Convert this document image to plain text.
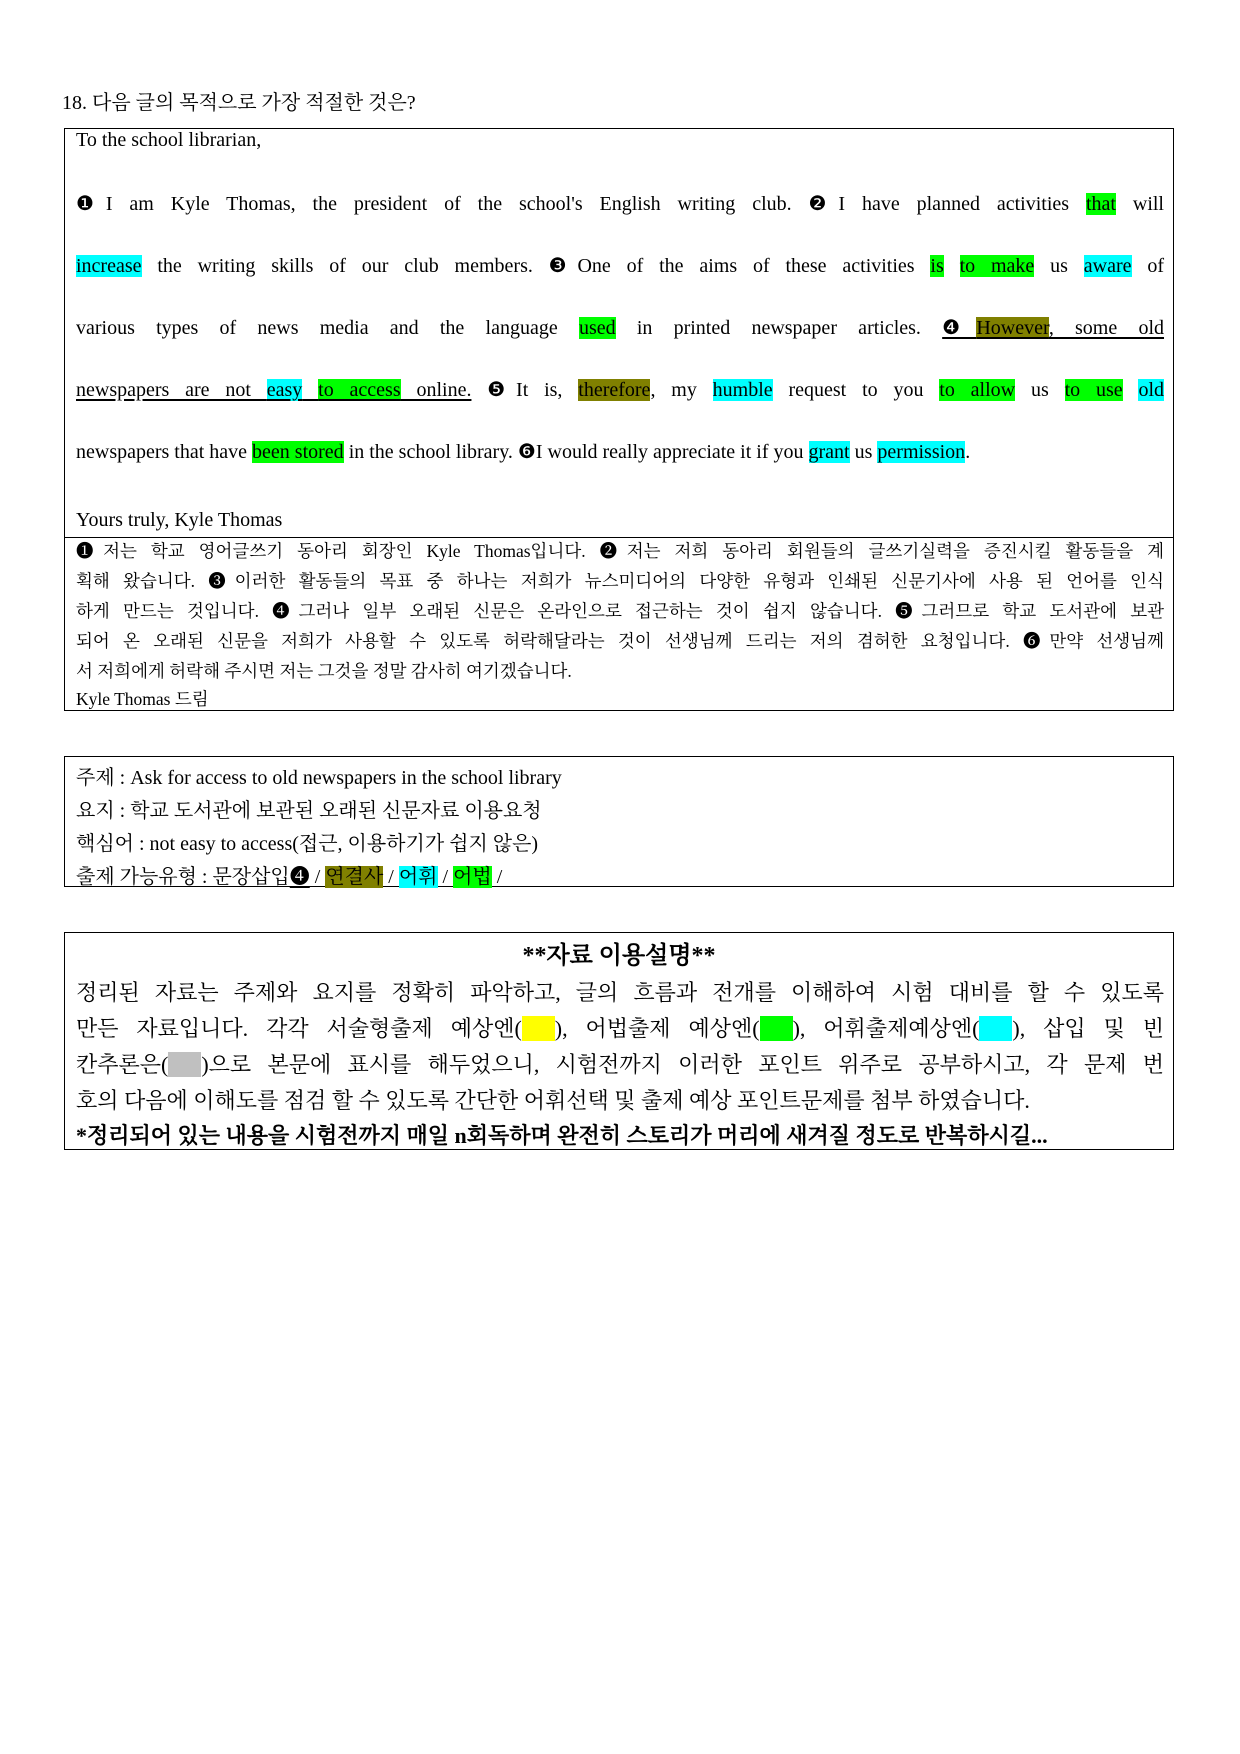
18. 다음 글의 목적으로 가장 적절한 것은?
To the school librarian,
❶I am Kyle Thomas, the president of the school's English writing club. ❷I have planned activities that will
increase the writing skills of our club members. ❸One of the aims of these activities is to make us aware of
various types of news media and the language used in printed newspaper articles. ❹However, some old
newspapers are not easy to access online. ❺It is, therefore, my humble request to you to allow us to use old
newspapers that have been stored in the school library. ❻I would really appreciate it if you grant us permission.
Yours truly, Kyle Thomas
❶저는 학교 영어글쓰기 동아리 회장인 Kyle Thomas입니다. ❷저는 저희 동아리 회원들의 글쓰기실력을 증진시킬 활동들을 계
획해 왔습니다. ❸이러한 활동들의 목표 중 하나는 저희가 뉴스미디어의 다양한 유형과 인쇄된 신문기사에 사용 된 언어를 인식
하게 만드는 것입니다. ❹그러나 일부 오래된 신문은 온라인으로 접근하는 것이 쉽지 않습니다. ❺그러므로 학교 도서관에 보관
되어 온 오래된 신문을 저희가 사용할 수 있도록 허락해달라는 것이 선생님께 드리는 저의 겸허한 요청입니다. ❻만약 선생님께
서 저희에게 허락해 주시면 저는 그것을 정말 감사히 여기겠습니다.
Kyle Thomas 드림
주제 : Ask for access to old newspapers in the school library
요지 : 학교 도서관에 보관된 오래된 신문자료 이용요청
핵심어 : not easy to access(접근, 이용하기가 쉽지 않은)
출제 가능유형 : 문장삽입❹ / 연결사 / 어휘 / 어법 /
**자료 이용설명**
정리된 자료는 주제와 요지를 정확히 파악하고, 글의 흐름과 전개를 이해하여 시험 대비를 할 수 있도록
만든 자료입니다. 각각 서술형출제 예상엔(   ), 어법출제 예상엔(   ), 어휘출제예상엔(   ), 삽입 및 빈
칸추론은(   )으로 본문에 표시를 해두었으니, 시험전까지 이러한 포인트 위주로 공부하시고, 각 문제 번
호의 다음에 이해도를 점검 할 수 있도록 간단한 어휘선택 및 출제 예상 포인트문제를 첨부 하였습니다.
*정리되어 있는 내용을 시험전까지 매일 n회독하며 완전히 스토리가 머리에 새겨질 정도로 반복하시길...
